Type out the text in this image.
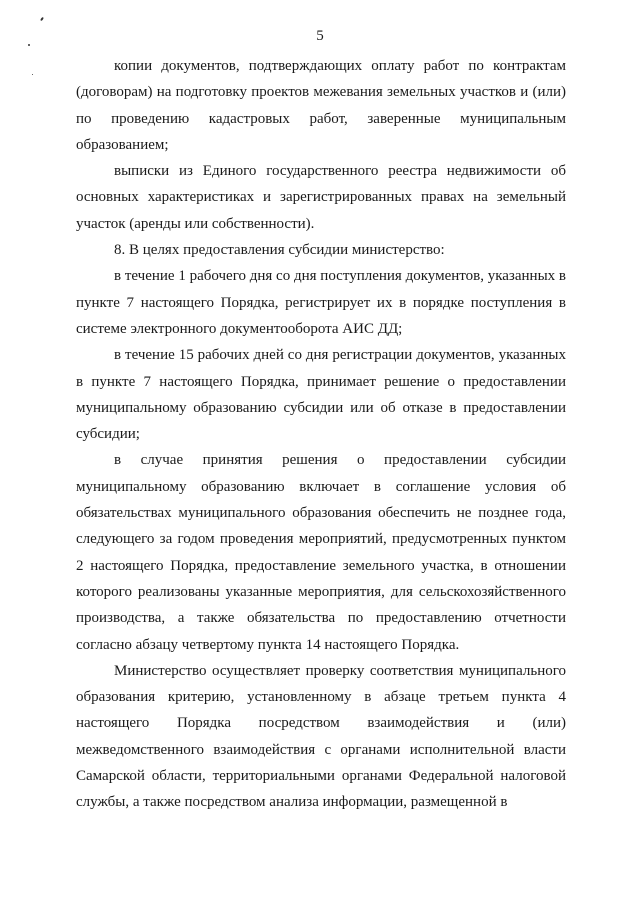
5

копии документов, подтверждающих оплату работ по контрактам (договорам) на подготовку проектов межевания земельных участков и (или) по проведению кадастровых работ, заверенные муниципальным образованием;

выписки из Единого государственного реестра недвижимости об основных характеристиках и зарегистрированных правах на земельный участок (аренды или собственности).

8. В целях предоставления субсидии министерство:

в течение 1 рабочего дня со дня поступления документов, указанных в пункте 7 настоящего Порядка, регистрирует их в порядке поступления в системе электронного документооборота АИС ДД;

в течение 15 рабочих дней со дня регистрации документов, указанных в пункте 7 настоящего Порядка, принимает решение о предоставлении муниципальному образованию субсидии или об отказе в предоставлении субсидии;

в случае принятия решения о предоставлении субсидии муниципальному образованию включает в соглашение условия об обязательствах муниципального образования обеспечить не позднее года, следующего за годом проведения мероприятий, предусмотренных пунктом 2 настоящего Порядка, предоставление земельного участка, в отношении которого реализованы указанные мероприятия, для сельскохозяйственного производства, а также обязательства по предоставлению отчетности согласно абзацу четвертому пункта 14 настоящего Порядка.

Министерство осуществляет проверку соответствия муниципального образования критерию, установленному в абзаце третьем пункта 4 настоящего Порядка посредством взаимодействия и (или) межведомственного взаимодействия с органами исполнительной власти Самарской области, территориальными органами Федеральной налоговой службы, а также посредством анализа информации, размещенной в
